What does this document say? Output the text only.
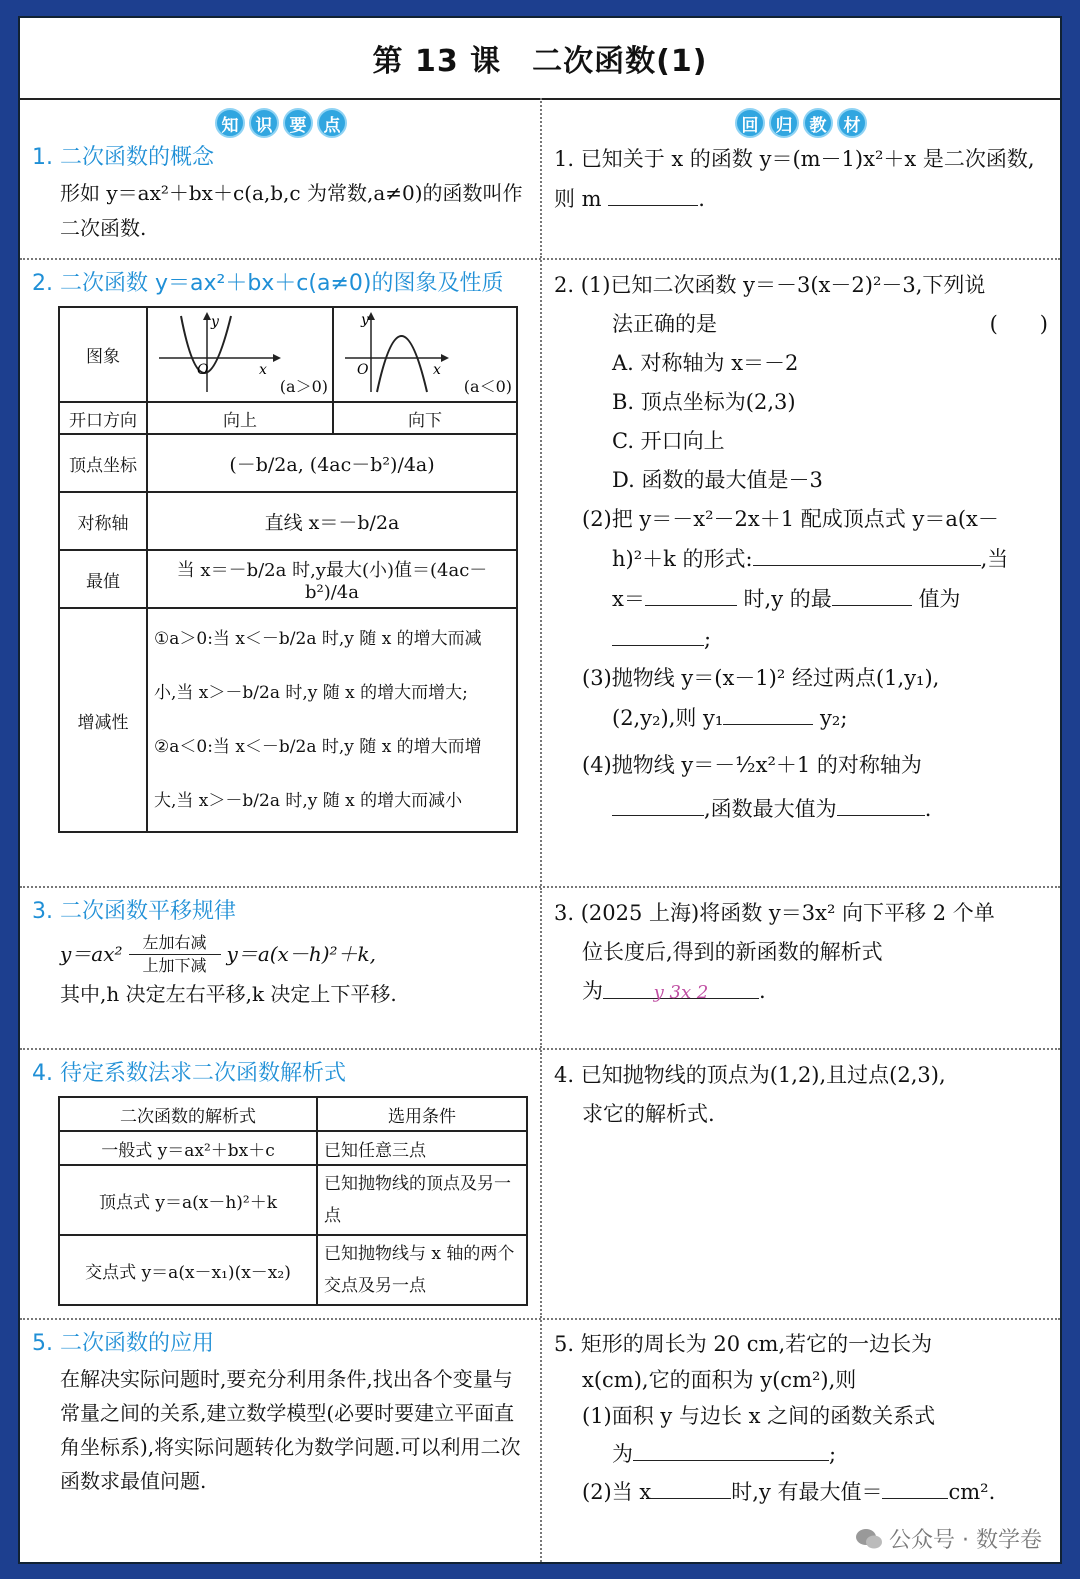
第 13 课　二次函数(1)
知	识	要	点
1. 二次函数的概念
形如 y＝ax²＋bx＋c(a,b,c 为常数,a≠0)的函数叫作二次函数.
回	归	教	材
1. 已知关于 x 的函数 y＝(m－1)x²＋x 是二次函数,则 m	.
2. 二次函数 y＝ax²＋bx＋c(a≠0)的图象及性质
图象	y
O x
(a＞0)	y
O x
(a＜0)

开口方向	向上	向下
顶点坐标	(－b/2a, (4ac－b²)/4a)	
对称轴	直线 x＝－b/2a	
最值	当 x＝－b/2a 时,y最大(小)值＝(4ac－b²)/4a	
增减性	①a＞0:当 x＜－b/2a 时,y 随 x 的增大而减
小,当 x＞－b/2a 时,y 随 x 的增大而增大;
②a＜0:当 x＜－b/2a 时,y 随 x 的增大而增
大,当 x＞－b/2a 时,y 随 x 的增大而减小	
2. (1)已知二次函数 y＝－3(x－2)²－3,下列说
法正确的是	(　　)
A. 对称轴为 x＝－2
B. 顶点坐标为(2,3)
C. 开口向上
D. 函数的最大值是－3
(2)把 y＝－x²－2x＋1 配成顶点式 y＝a(x－
h)²＋k 的形式:	,当
x＝	时,y 的最	值为
;
(3)抛物线 y＝(x－1)² 经过两点(1,y₁),
(2,y₂),则 y₁	y₂;
(4)抛物线 y＝－½x²＋1 的对称轴为
,函数最大值为	.
3. 二次函数平移规律
y＝ax² 左加右减
上加下减 y＝a(x－h)²＋k,
其中,h 决定左右平移,k 决定上下平移.
3. (2025 上海)将函数 y＝3x² 向下平移 2 个单
位长度后,得到的新函数的解析式
为	y 3x 2 .
4. 待定系数法求二次函数解析式
二次函数的解析式	选用条件
一般式 y＝ax²＋bx＋c	已知任意三点
顶点式 y＝a(x－h)²＋k	已知抛物线的顶点及另一点
交点式 y＝a(x－x₁)(x－x₂)	已知抛物线与 x 轴的两个交点及另一点
4. 已知抛物线的顶点为(1,2),且过点(2,3),
求它的解析式.
5. 二次函数的应用
在解决实际问题时,要充分利用条件,找出各个变量与常量之间的关系,建立数学模型(必要时要建立平面直角坐标系),将实际问题转化为数学问题.可以利用二次函数求最值问题.
5. 矩形的周长为 20 cm,若它的一边长为
x(cm),它的面积为 y(cm²),则
(1)面积 y 与边长 x 之间的函数关系式
为	;
(2)当 x	时,y 有最大值＝	cm².
公众号 · 数学卷
